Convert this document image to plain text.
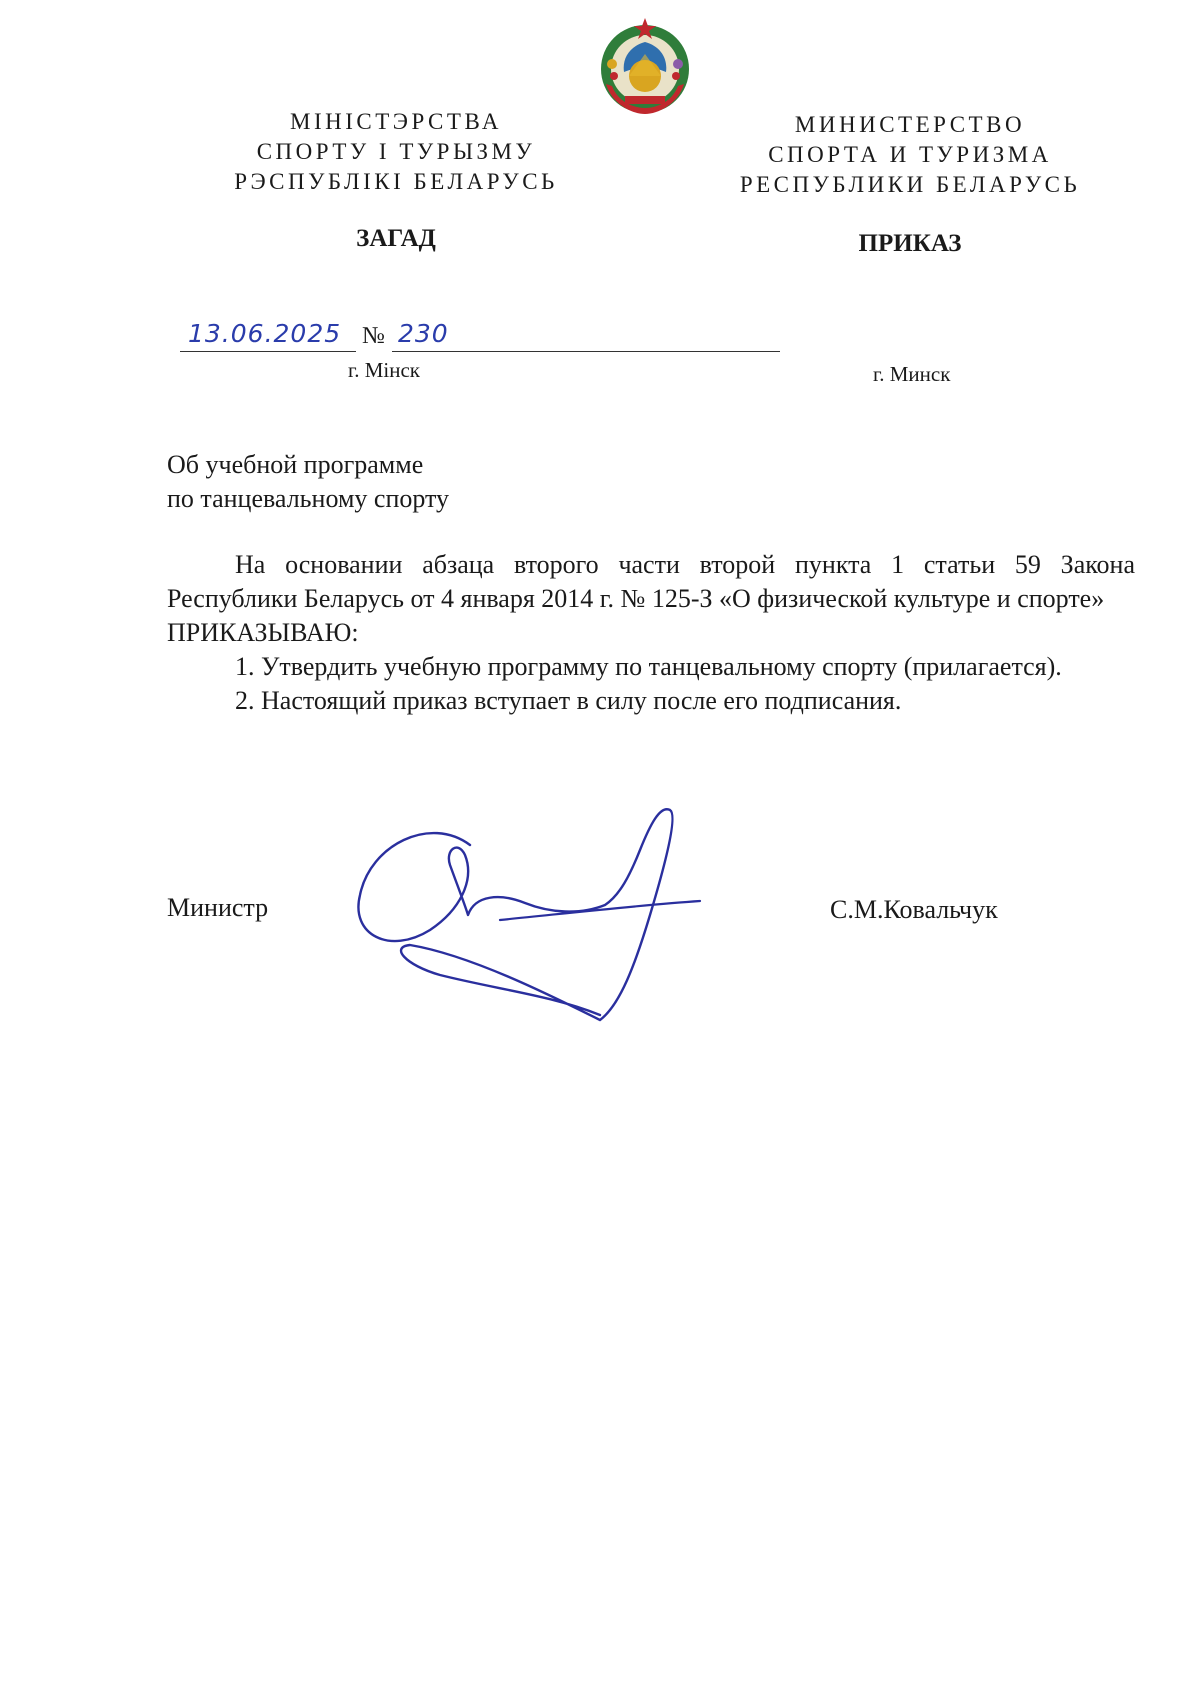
МІНІСТЭРСТВА
СПОРТУ І ТУРЫЗМУ
РЭСПУБЛІКІ БЕЛАРУСЬ
МИНИСТЕРСТВО
СПОРТА И ТУРИЗМА
РЕСПУБЛИКИ БЕЛАРУСЬ
ЗАГАД	ПРИКАЗ
13.06.2025 № 230
г. Мінск	г. Минск
Об учебной программе
по танцевальному спорту

На основании абзаца второго части второй пункта 1 статьи 59 Закона Республики Беларусь от 4 января 2014 г. № 125-З «О физической культуре и спорте»

ПРИКАЗЫВАЮ:

1. Утвердить учебную программу по танцевальному спорту (прилагается).

2. Настоящий приказ вступает в силу после его подписания.

Министр	С.М.Ковальчук
